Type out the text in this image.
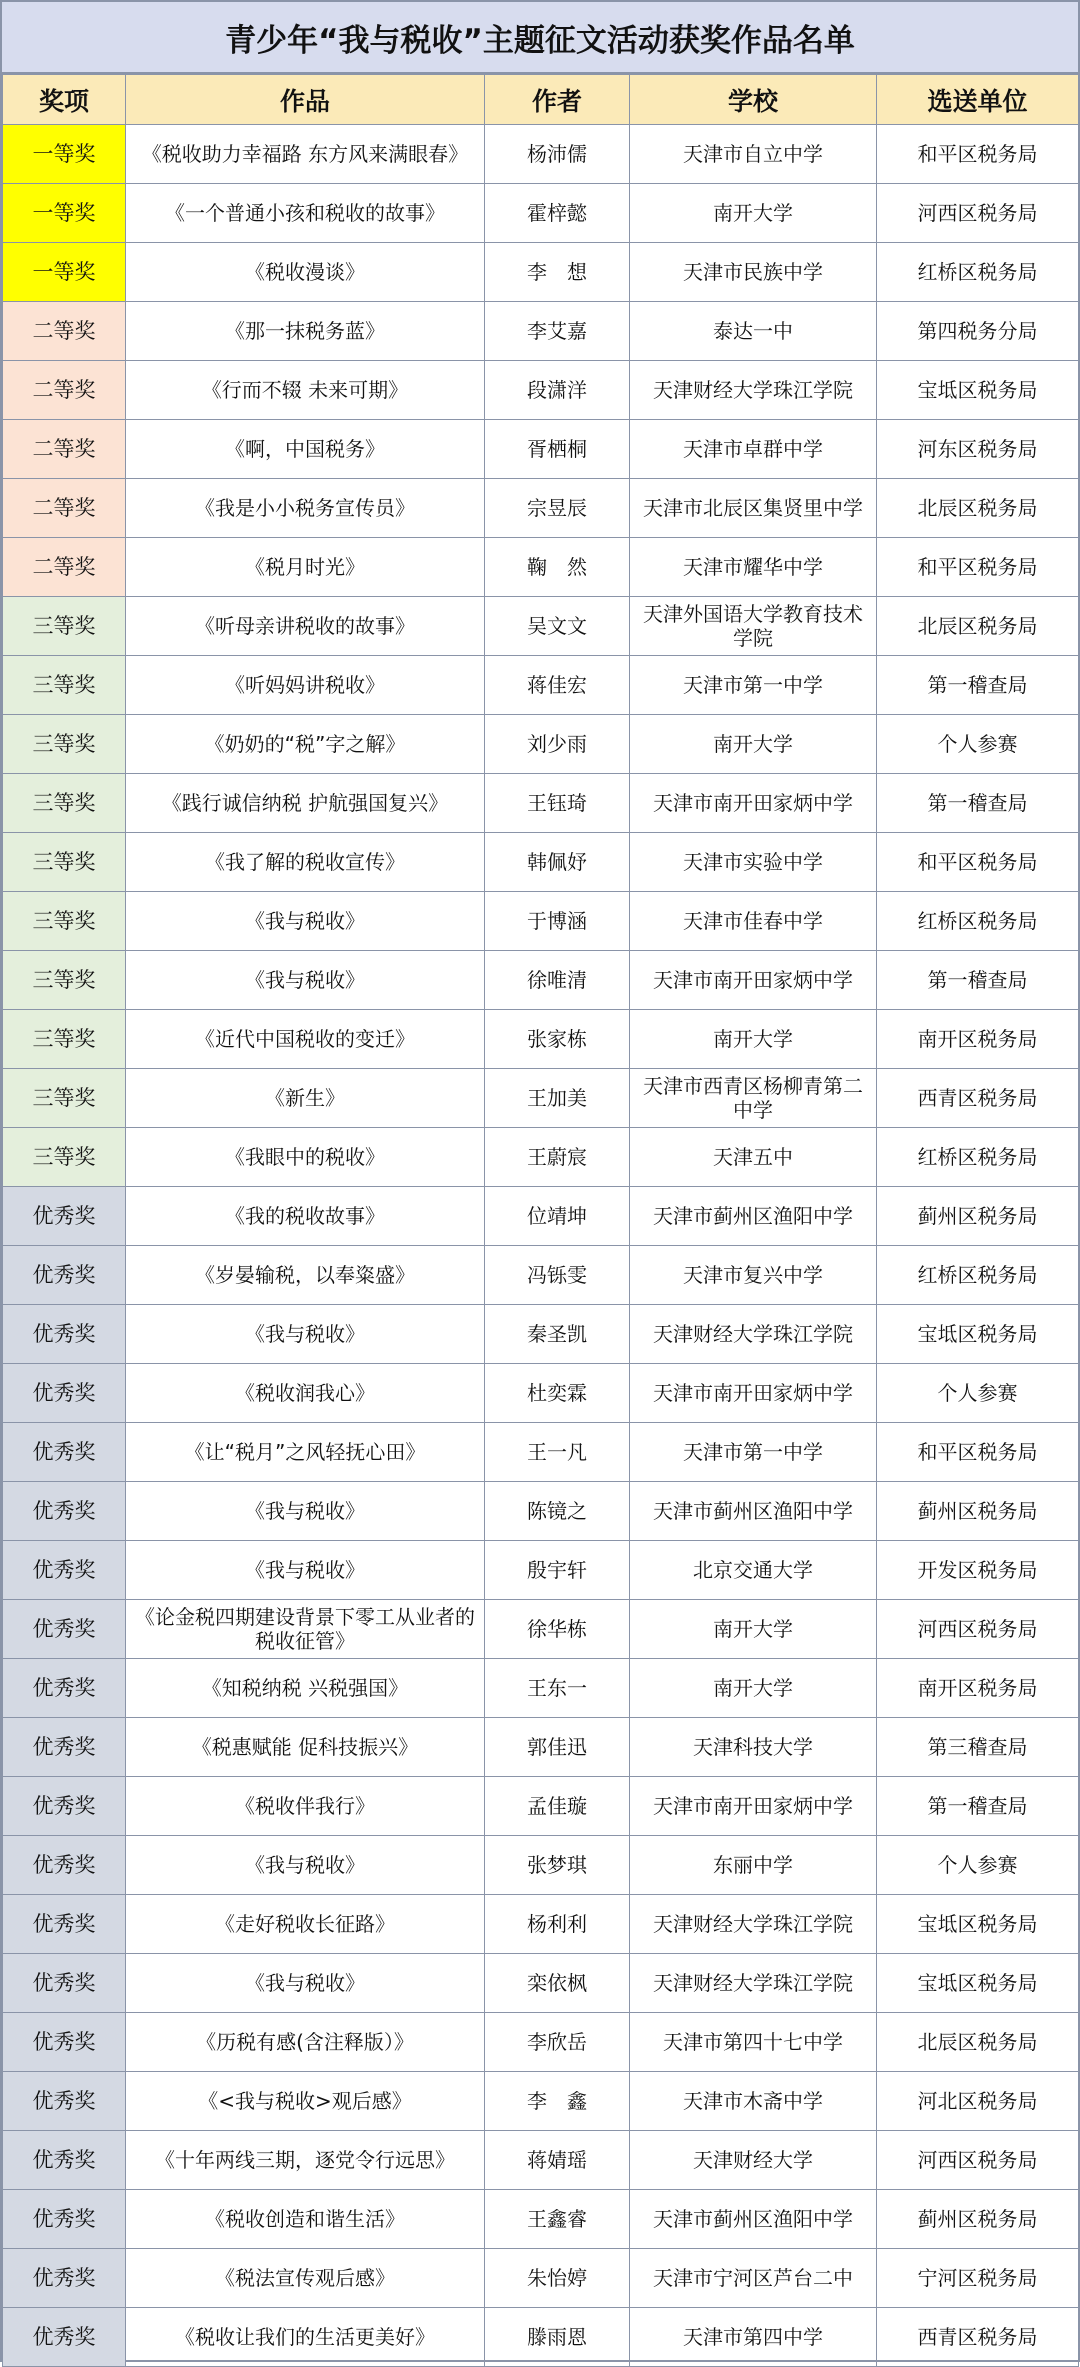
青少年“我与税收”主题征文活动获奖作品名单
奖项	作品	作者	学校	选送单位
一等奖	《税收助力幸福路 东方风来满眼春》	杨沛儒	天津市自立中学	和平区税务局
一等奖	《一个普通小孩和税收的故事》	霍梓懿	南开大学	河西区税务局
一等奖	《税收漫谈》	李　想	天津市民族中学	红桥区税务局
二等奖	《那一抹税务蓝》	李艾嘉	泰达一中	第四税务分局
二等奖	《行而不辍 未来可期》	段潇洋	天津财经大学珠江学院	宝坻区税务局
二等奖	《啊，中国税务》	胥栖桐	天津市卓群中学	河东区税务局
二等奖	《我是小小税务宣传员》	宗昱辰	天津市北辰区集贤里中学	北辰区税务局
二等奖	《税月时光》	鞠　然	天津市耀华中学	和平区税务局
三等奖	《听母亲讲税收的故事》	吴文文	天津外国语大学教育技术学院	北辰区税务局
三等奖	《听妈妈讲税收》	蒋佳宏	天津市第一中学	第一稽查局
三等奖	《奶奶的“税”字之解》	刘少雨	南开大学	个人参赛
三等奖	《践行诚信纳税 护航强国复兴》	王钰琦	天津市南开田家炳中学	第一稽查局
三等奖	《我了解的税收宣传》	韩佩妤	天津市实验中学	和平区税务局
三等奖	《我与税收》	于博涵	天津市佳春中学	红桥区税务局
三等奖	《我与税收》	徐唯清	天津市南开田家炳中学	第一稽查局
三等奖	《近代中国税收的变迁》	张家栋	南开大学	南开区税务局
三等奖	《新生》	王加美	天津市西青区杨柳青第二中学	西青区税务局
三等奖	《我眼中的税收》	王蔚宸	天津五中	红桥区税务局
优秀奖	《我的税收故事》	位靖坤	天津市蓟州区渔阳中学	蓟州区税务局
优秀奖	《岁晏输税，以奉粢盛》	冯铄雯	天津市复兴中学	红桥区税务局
优秀奖	《我与税收》	秦圣凯	天津财经大学珠江学院	宝坻区税务局
优秀奖	《税收润我心》	杜奕霖	天津市南开田家炳中学	个人参赛
优秀奖	《让“税月”之风轻抚心田》	王一凡	天津市第一中学	和平区税务局
优秀奖	《我与税收》	陈镜之	天津市蓟州区渔阳中学	蓟州区税务局
优秀奖	《我与税收》	殷宇轩	北京交通大学	开发区税务局
优秀奖	《论金税四期建设背景下零工从业者的税收征管》	徐华栋	南开大学	河西区税务局
优秀奖	《知税纳税 兴税强国》	王东一	南开大学	南开区税务局
优秀奖	《税惠赋能 促科技振兴》	郭佳迅	天津科技大学	第三稽查局
优秀奖	《税收伴我行》	孟佳璇	天津市南开田家炳中学	第一稽查局
优秀奖	《我与税收》	张梦琪	东丽中学	个人参赛
优秀奖	《走好税收长征路》	杨利利	天津财经大学珠江学院	宝坻区税务局
优秀奖	《我与税收》	栾依枫	天津财经大学珠江学院	宝坻区税务局
优秀奖	《历税有感(含注释版）》	李欣岳	天津市第四十七中学	北辰区税务局
优秀奖	《<我与税收>观后感》	李　鑫	天津市木斋中学	河北区税务局
优秀奖	《十年两线三期，逐党令行远思》	蒋婧瑶	天津财经大学	河西区税务局
优秀奖	《税收创造和谐生活》	王鑫睿	天津市蓟州区渔阳中学	蓟州区税务局
优秀奖	《税法宣传观后感》	朱怡婷	天津市宁河区芦台二中	宁河区税务局
优秀奖	《税收让我们的生活更美好》	滕雨恩	天津市第四中学	西青区税务局
